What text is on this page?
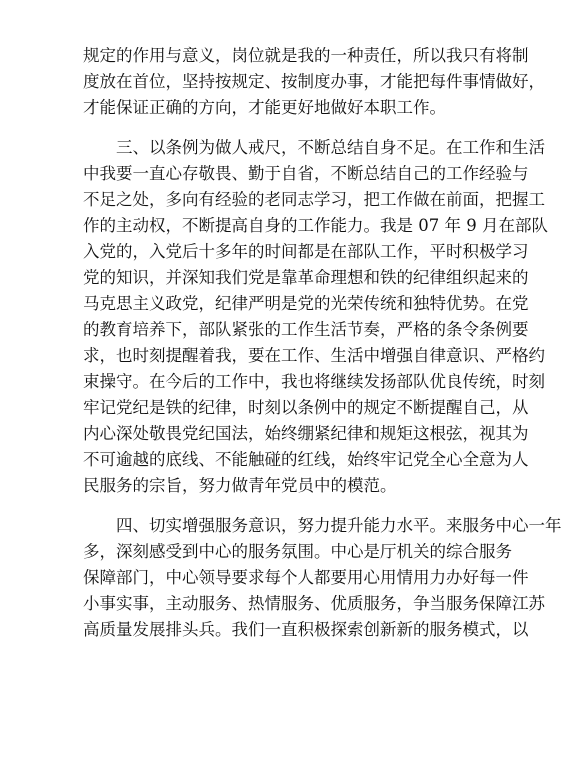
规定的作用与意义，岗位就是我的一种责任，所以我只有将制
度放在首位，坚持按规定、按制度办事，才能把每件事情做好，
才能保证正确的方向，才能更好地做好本职工作。
三、以条例为做人戒尺，不断总结自身不足。在工作和生活
中我要一直心存敬畏、勤于自省，不断总结自己的工作经验与
不足之处，多向有经验的老同志学习，把工作做在前面，把握工
作的主动权，不断提高自身的工作能力。我是 07 年 9 月在部队
入党的，入党后十多年的时间都是在部队工作，平时积极学习
党的知识，并深知我们党是靠革命理想和铁的纪律组织起来的
马克思主义政党，纪律严明是党的光荣传统和独特优势。在党
的教育培养下，部队紧张的工作生活节奏，严格的条令条例要
求，也时刻提醒着我，要在工作、生活中增强自律意识、严格约
束操守。在今后的工作中，我也将继续发扬部队优良传统，时刻
牢记党纪是铁的纪律，时刻以条例中的规定不断提醒自己，从
内心深处敬畏党纪国法，始终绷紧纪律和规矩这根弦，视其为
不可逾越的底线、不能触碰的红线，始终牢记党全心全意为人
民服务的宗旨，努力做青年党员中的模范。
四、切实增强服务意识，努力提升能力水平。来服务中心一年
多，深刻感受到中心的服务氛围。中心是厅机关的综合服务
保障部门，中心领导要求每个人都要用心用情用力办好每一件
小事实事，主动服务、热情服务、优质服务，争当服务保障江苏
高质量发展排头兵。我们一直积极探索创新新的服务模式，以
